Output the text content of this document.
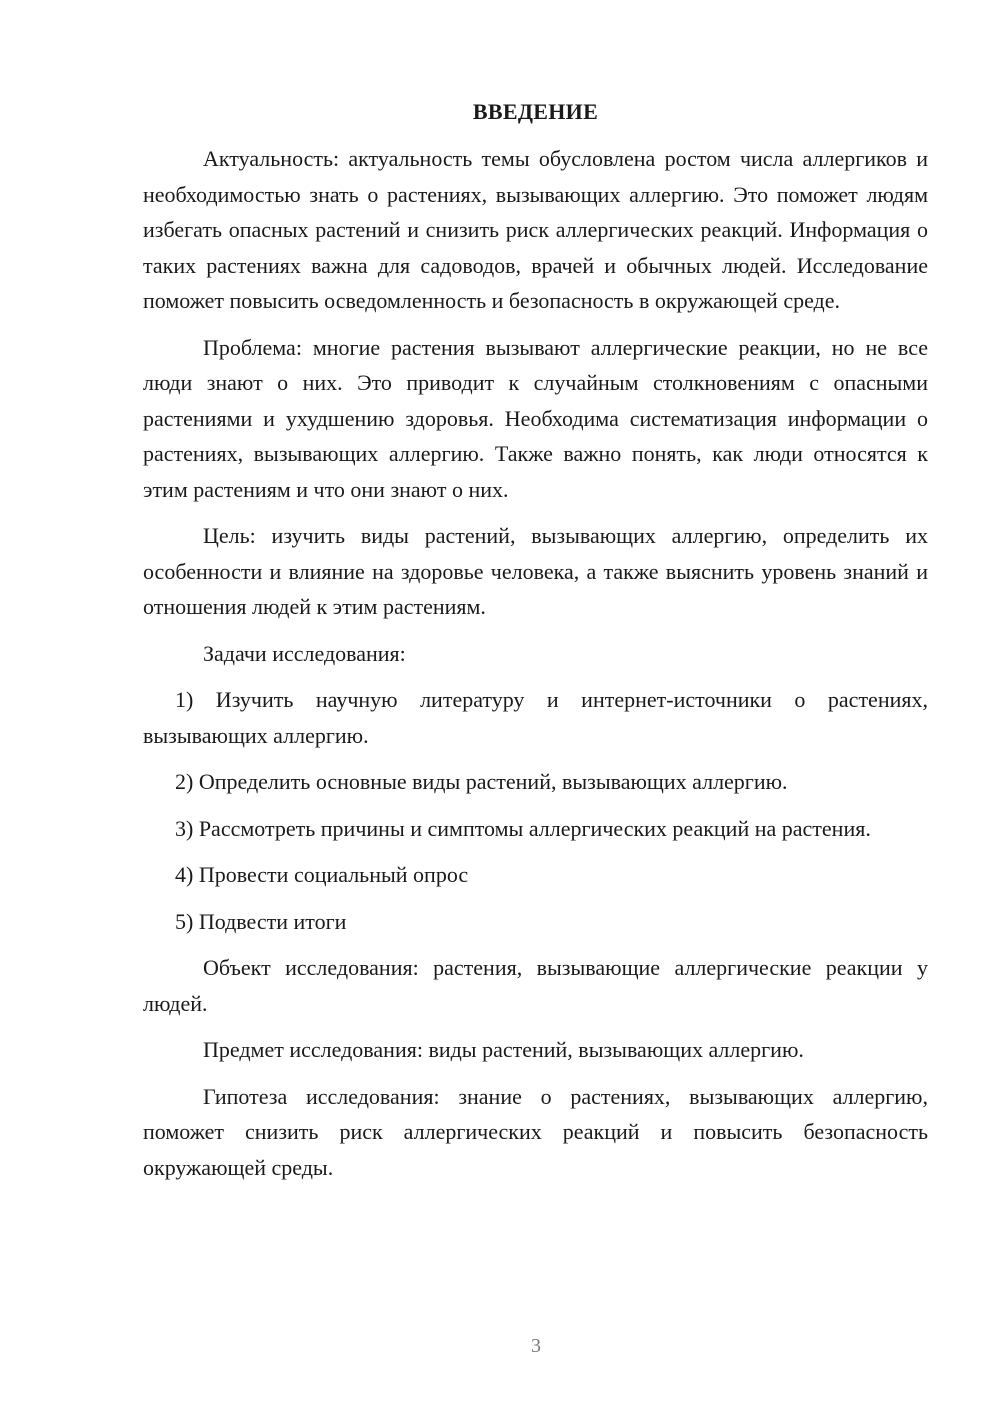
ВВЕДЕНИЕ

Актуальность: актуальность темы обусловлена ростом числа аллергиков и необходимостью знать о растениях, вызывающих аллергию. Это поможет людям избегать опасных растений и снизить риск аллергических реакций. Информация о таких растениях важна для садоводов, врачей и обычных людей. Исследование поможет повысить осведомленность и безопасность в окружающей среде.

Проблема: многие растения вызывают аллергические реакции, но не все люди знают о них. Это приводит к случайным столкновениям с опасными растениями и ухудшению здоровья. Необходима систематизация информации о растениях, вызывающих аллергию. Также важно понять, как люди относятся к этим растениям и что они знают о них.

Цель: изучить виды растений, вызывающих аллергию, определить их особенности и влияние на здоровье человека, а также выяснить уровень знаний и отношения людей к этим растениям.

Задачи исследования:

1) Изучить научную литературу и интернет-источники о растениях, вызывающих аллергию.

2) Определить основные виды растений, вызывающих аллергию.

3) Рассмотреть причины и симптомы аллергических реакций на растения.

4) Провести социальный опрос

5) Подвести итоги

Объект исследования: растения, вызывающие аллергические реакции у людей.

Предмет исследования: виды растений, вызывающих аллергию.

Гипотеза исследования: знание о растениях, вызывающих аллергию, поможет снизить риск аллергических реакций и повысить безопасность окружающей среды.

3
